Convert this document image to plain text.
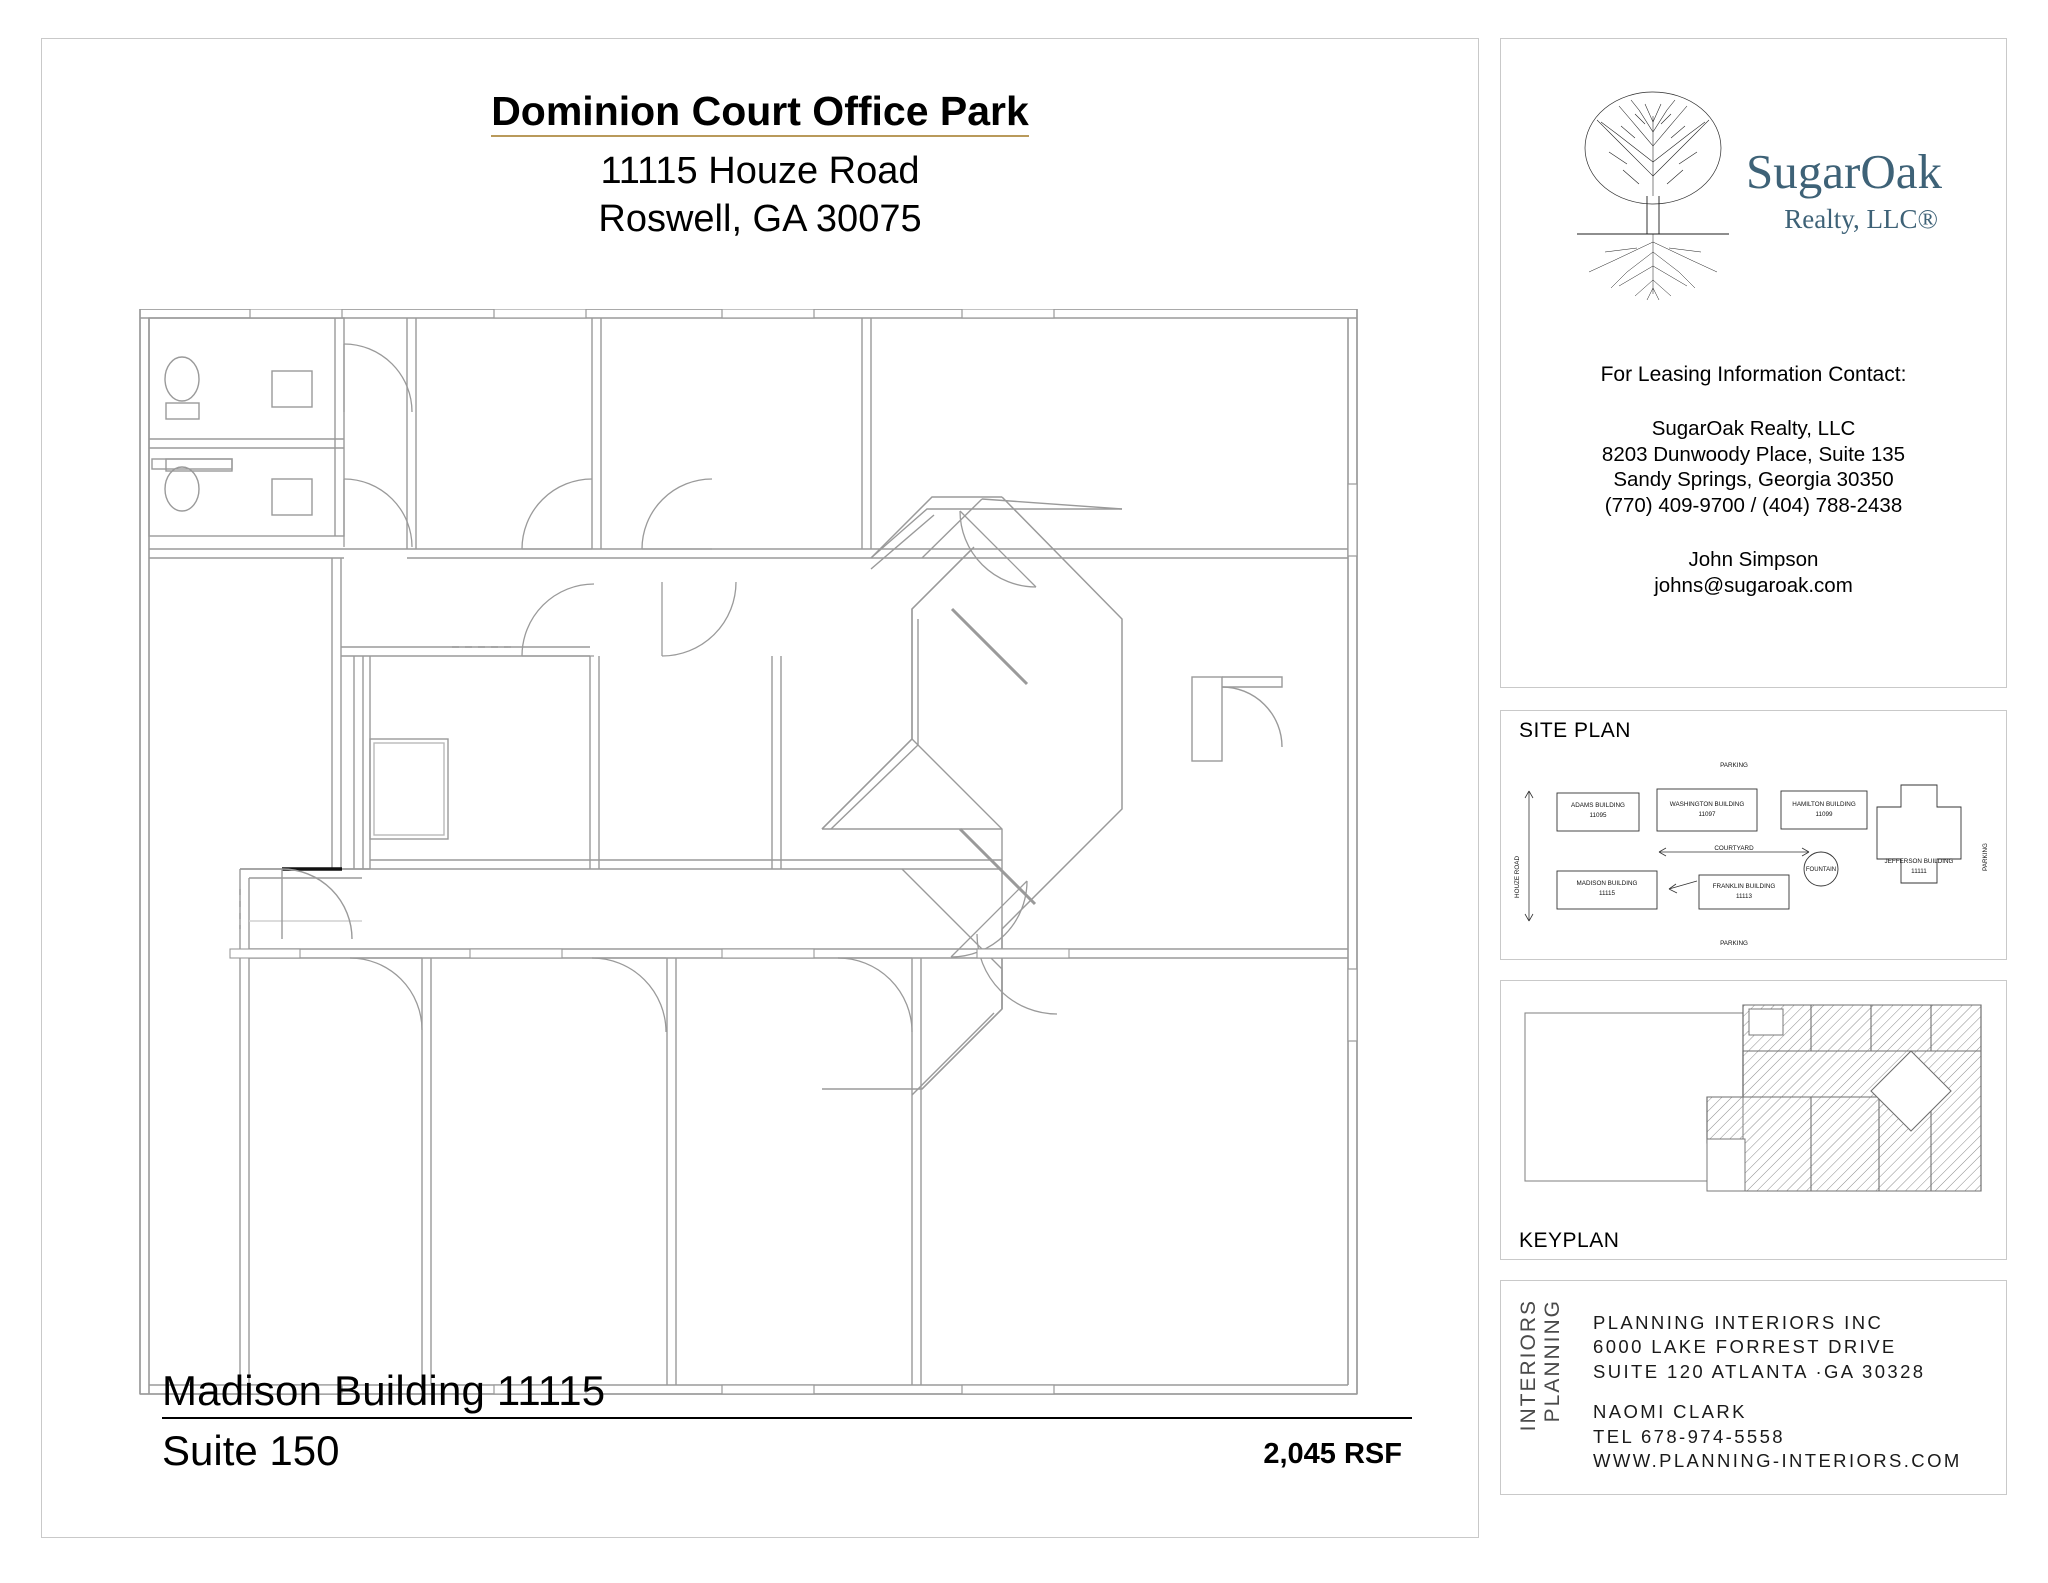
Dominion Court Office Park
11115 Houze Road
Roswell, GA 30075
Madison Building 11115
Suite 150	2,045 RSF
SugarOak
Realty, LLC®
For Leasing Information Contact:
SugarOak Realty, LLC
8203 Dunwoody Place, Suite 135
Sandy Springs, Georgia 30350
(770) 409-9700 / (404) 788-2438
John Simpson
johns@sugaroak.com
SITE PLAN
ADAMS BUILDING
11095
WASHINGTON BUILDING
11097
HAMILTON BUILDING
11099
MADISON BUILDING
11115
FRANKLIN BUILDING
11113
JEFFERSON BUILDING
11111
COURTYARD
FOUNTAIN
PARKING
PARKING
HOUZE ROAD	PARKING
KEYPLAN
PLANNING
INTERIORS	PLANNING INTERIORS INC
6000 LAKE FORREST DRIVE
SUITE 120 ATLANTA ·GA 30328
NAOMI CLARK
TEL 678-974-5558
WWW.PLANNING-INTERIORS.COM
